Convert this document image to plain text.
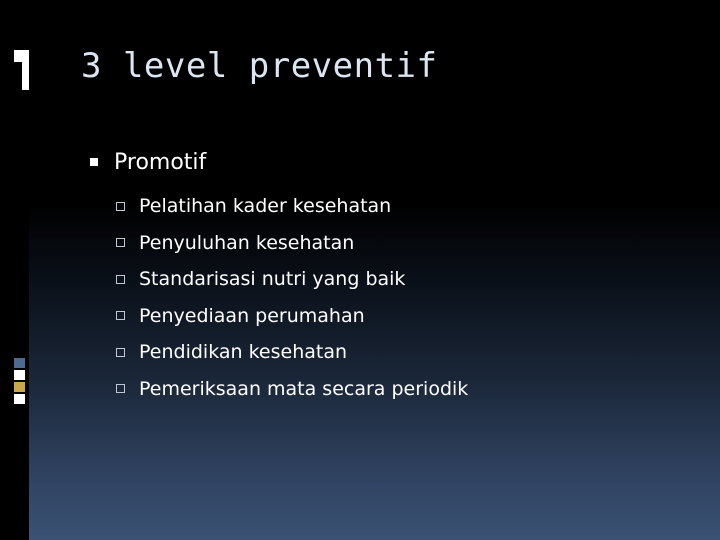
3 level preventif
Promotif
Pelatihan kader kesehatan
Penyuluhan kesehatan
Standarisasi nutri yang baik
Penyediaan perumahan
Pendidikan kesehatan
Pemeriksaan mata secara periodik
